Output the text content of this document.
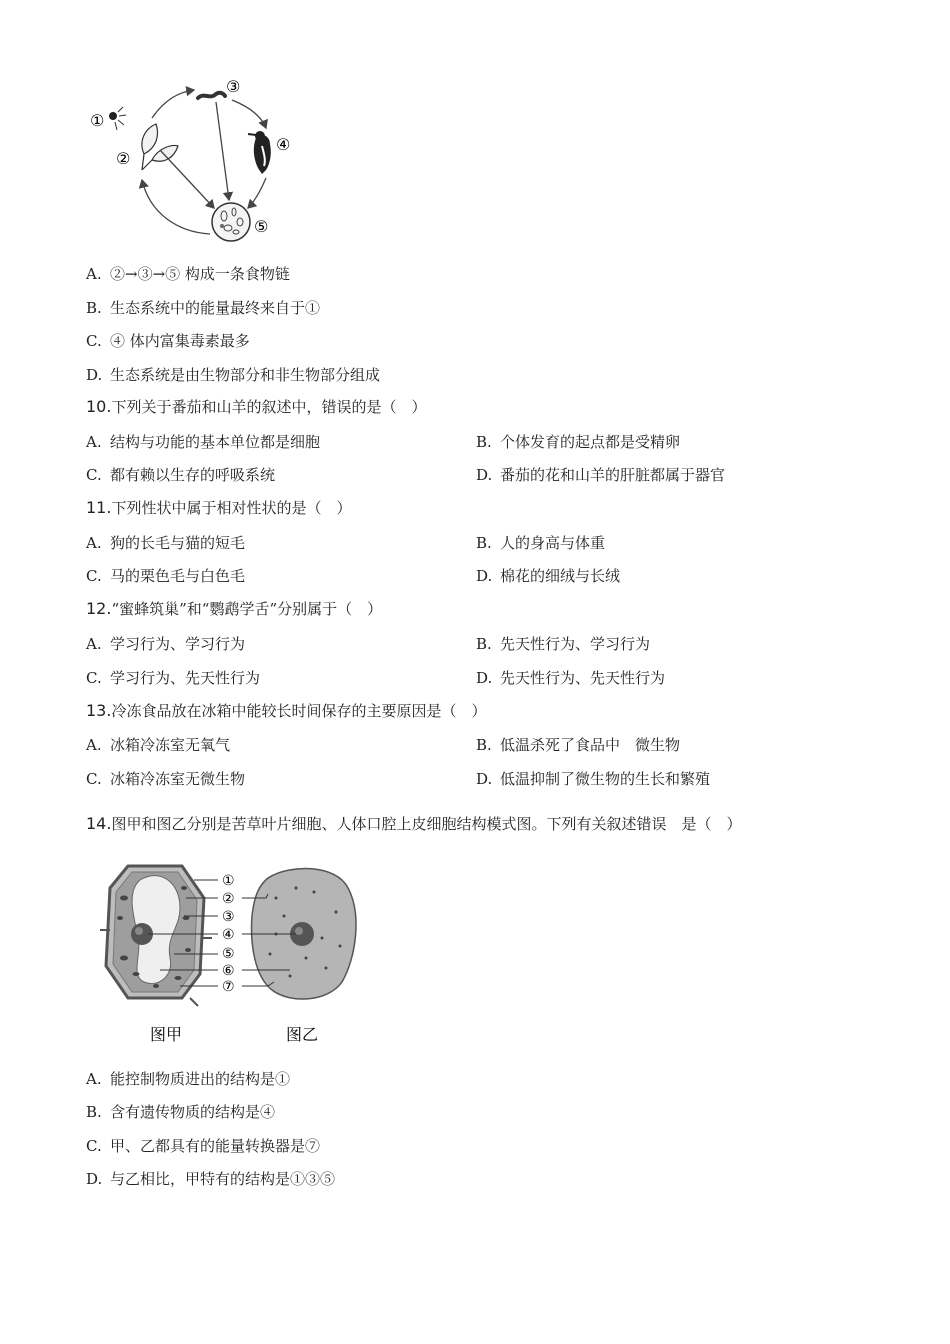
①
②
③
④
⑤
A. ②→③→⑤ 构成一条食物链
B. 生态系统中的能量最终来自于①
C. ④ 体内富集毒素最多
D. 生态系统是由生物部分和非生物部分组成
10.下列关于番茄和山羊的叙述中，错误的是（　）
A. 结构与功能的基本单位都是细胞	B. 个体发育的起点都是受精卵
C. 都有赖以生存的呼吸系统	D. 番茄的花和山羊的肝脏都属于器官
11.下列性状中属于相对性状的是（　）
A. 狗的长毛与猫的短毛	B. 人的身高与体重
C. 马的栗色毛与白色毛	D. 棉花的细绒与长绒
12.“蜜蜂筑巢”和“鹦鹉学舌”分别属于（　）
A. 学习行为、学习行为	B. 先天性行为、学习行为
C. 学习行为、先天性行为	D. 先天性行为、先天性行为
13.冷冻食品放在冰箱中能较长时间保存的主要原因是（　）
A. 冰箱冷冻室无氧气	B. 低温杀死了食品中　微生物
C. 冰箱冷冻室无微生物	D. 低温抑制了微生物的生长和繁殖
14.图甲和图乙分别是苦草叶片细胞、人体口腔上皮细胞结构模式图。下列有关叙述错误　是（　）
①
②
③
④
⑤
⑥
⑦
图甲	图乙
A. 能控制物质进出的结构是①
B. 含有遗传物质的结构是④
C. 甲、乙都具有的能量转换器是⑦
D. 与乙相比，甲特有的结构是①③⑤
